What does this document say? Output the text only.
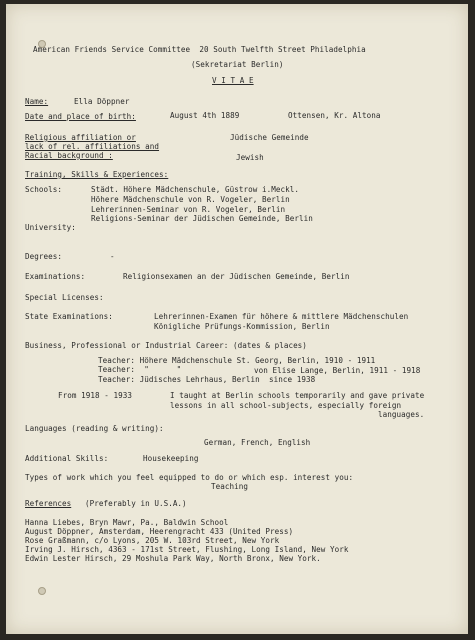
American Friends Service Committee  20 South Twelfth Street Philadelphia
(Sekretariat Berlin)
V I T A E
Name:	Ella Döppner
Date and place of birth:	August 4th 1889	Ottensen, Kr. Altona
Religious affiliation or
lack of rel. affiliations and
Racial background :
Jüdische Gemeinde
Jewish
Training, Skills & Experiences:
Schools:	Städt. Höhere Mädchenschule, Güstrow i.Meckl.
Höhere Mädchenschule von R. Vogeler, Berlin
Lehrerinnen-Seminar von R. Vogeler, Berlin
Religions-Seminar der Jüdischen Gemeinde, Berlin
University:
Degrees:	-
Examinations:	Religionsexamen an der Jüdischen Gemeinde, Berlin
Special Licenses:
State Examinations:	Lehrerinnen-Examen für höhere & mittlere Mädchenschulen
Königliche Prüfungs-Kommission, Berlin
Business, Professional or Industrial Career: (dates & places)
Teacher: Höhere Mädchenschule St. Georg, Berlin, 1910 - 1911
Teacher:  "      "	von Elise Lange, Berlin, 1911 - 1918
Teacher: Jüdisches Lehrhaus, Berlin  since 1938
From 1918 - 1933	I taught at Berlin schools temporarily and gave private
lessons in all school-subjects, especially foreign
languages.
Languages (reading & writing):
German, French, English
Additional Skills:	Housekeeping
Types of work which you feel equipped to do or which esp. interest you:
Teaching
References (Preferably in U.S.A.)
Hanna Liebes, Bryn Mawr, Pa., Baldwin School
August Döppner, Amsterdam, Heerengracht 433 (United Press)
Rose Graßmann, c/o Lyons, 205 W. 103rd Street, New York
Irving J. Hirsch, 4363 - 171st Street, Flushing, Long Island, New York
Edwin Lester Hirsch, 29 Moshula Park Way, North Bronx, New York.
